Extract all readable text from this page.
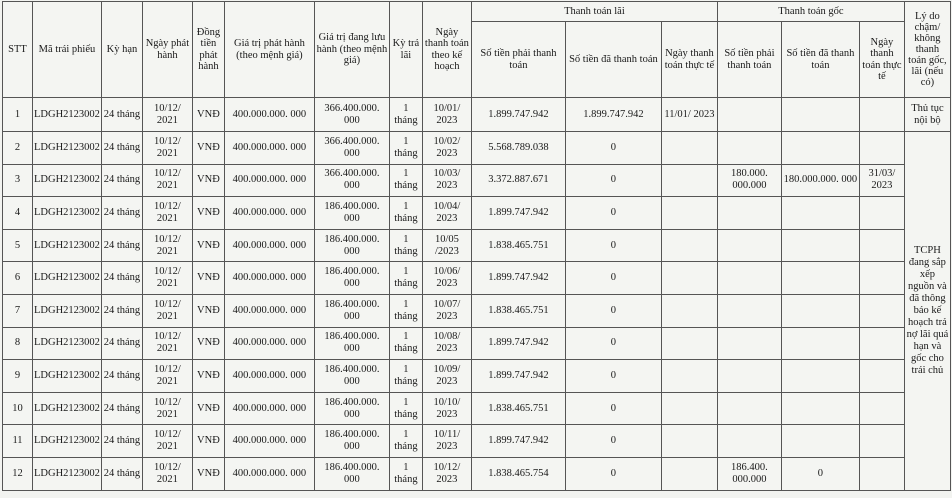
STT	Mã trái phiếu	Kỳ hạn	Ngày phát hành	Đồng tiền phát hành	Giá trị phát hành (theo mệnh giá)	Giá trị đang lưu hành (theo mệnh giá)	Kỳ trả lãi	Ngày thanh toán theo kế hoạch	Thanh toán lãi			Thanh toán gốc			Lý do chậm/ không thanh toán gốc, lãi (nếu có)
									Số tiền phải thanh toán	Số tiền đã thanh toán	Ngày thanh toán thực tế	Số tiền phải thanh toán	Số tiền đã thanh toán	Ngày thanh toán thực tế	
1	LDGH2123002	24 tháng	10/12/ 2021	VNĐ	400.000.000. 000	366.400.000. 000	1 tháng	10/01/ 2023	1.899.747.942	1.899.747.942	11/01/ 2023				Thủ tục nội bộ
2	LDGH2123002	24 tháng	10/12/ 2021	VNĐ	400.000.000. 000	366.400.000. 000	1 tháng	10/02/ 2023	5.568.789.038	0					TCPH đang sắp xếp nguồn và đã thông báo kế hoạch trả nợ lãi quá hạn và gốc cho trái chủ
3	LDGH2123002	24 tháng	10/12/ 2021	VNĐ	400.000.000. 000	366.400.000. 000	1 tháng	10/03/ 2023	3.372.887.671	0		180.000. 000.000	180.000.000. 000	31/03/ 2023	
4	LDGH2123002	24 tháng	10/12/ 2021	VNĐ	400.000.000. 000	186.400.000. 000	1 tháng	10/04/ 2023	1.899.747.942	0					
5	LDGH2123002	24 tháng	10/12/ 2021	VNĐ	400.000.000. 000	186.400.000. 000	1 tháng	10/05 /2023	1.838.465.751	0					
6	LDGH2123002	24 tháng	10/12/ 2021	VNĐ	400.000.000. 000	186.400.000. 000	1 tháng	10/06/ 2023	1.899.747.942	0					
7	LDGH2123002	24 tháng	10/12/ 2021	VNĐ	400.000.000. 000	186.400.000. 000	1 tháng	10/07/ 2023	1.838.465.751	0					
8	LDGH2123002	24 tháng	10/12/ 2021	VNĐ	400.000.000. 000	186.400.000. 000	1 tháng	10/08/ 2023	1.899.747.942	0					
9	LDGH2123002	24 tháng	10/12/ 2021	VNĐ	400.000.000. 000	186.400.000. 000	1 tháng	10/09/ 2023	1.899.747.942	0					
10	LDGH2123002	24 tháng	10/12/ 2021	VNĐ	400.000.000. 000	186.400.000. 000	1 tháng	10/10/ 2023	1.838.465.751	0					
11	LDGH2123002	24 tháng	10/12/ 2021	VNĐ	400.000.000. 000	186.400.000. 000	1 tháng	10/11/ 2023	1.899.747.942	0					
12	LDGH2123002	24 tháng	10/12/ 2021	VNĐ	400.000.000. 000	186.400.000. 000	1 tháng	10/12/ 2023	1.838.465.754	0		186.400. 000.000	0		
